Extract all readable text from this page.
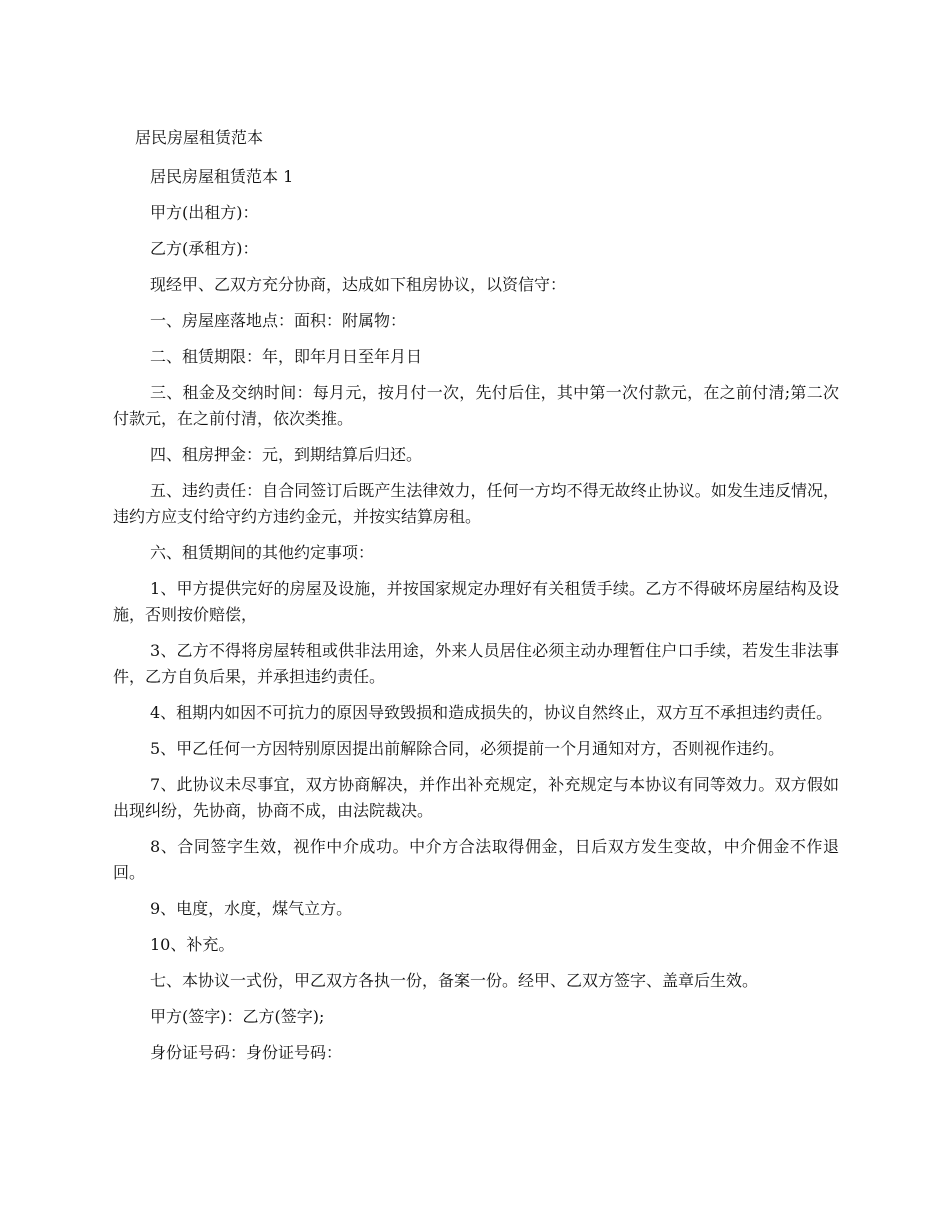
居民房屋租赁范本

居民房屋租赁范本 1

甲方(出租方)：

乙方(承租方)：

现经甲、乙双方充分协商，达成如下租房协议，以资信守：

一、房屋座落地点：面积：附属物：

二、租赁期限：年，即年月日至年月日

三、租金及交纳时间：每月元，按月付一次，先付后住，其中第一次付款元，在之前付清;第二次付款元，在之前付清，依次类推。

四、租房押金：元，到期结算后归还。

五、违约责任：自合同签订后既产生法律效力，任何一方均不得无故终止协议。如发生违反情况，违约方应支付给守约方违约金元，并按实结算房租。

六、租赁期间的其他约定事项：

1、甲方提供完好的房屋及设施，并按国家规定办理好有关租赁手续。乙方不得破坏房屋结构及设施，否则按价赔偿，

3、乙方不得将房屋转租或供非法用途，外来人员居住必须主动办理暂住户口手续，若发生非法事件，乙方自负后果，并承担违约责任。

4、租期内如因不可抗力的原因导致毁损和造成损失的，协议自然终止，双方互不承担违约责任。

5、甲乙任何一方因特别原因提出前解除合同，必须提前一个月通知对方，否则视作违约。

7、此协议未尽事宜，双方协商解决，并作出补充规定，补充规定与本协议有同等效力。双方假如出现纠纷，先协商，协商不成，由法院裁决。

8、合同签字生效，视作中介成功。中介方合法取得佣金，日后双方发生变故，中介佣金不作退回。

9、电度，水度，煤气立方。

10、补充。

七、本协议一式份，甲乙双方各执一份，备案一份。经甲、乙双方签字、盖章后生效。

甲方(签字)：乙方(签字);

身份证号码：身份证号码：
